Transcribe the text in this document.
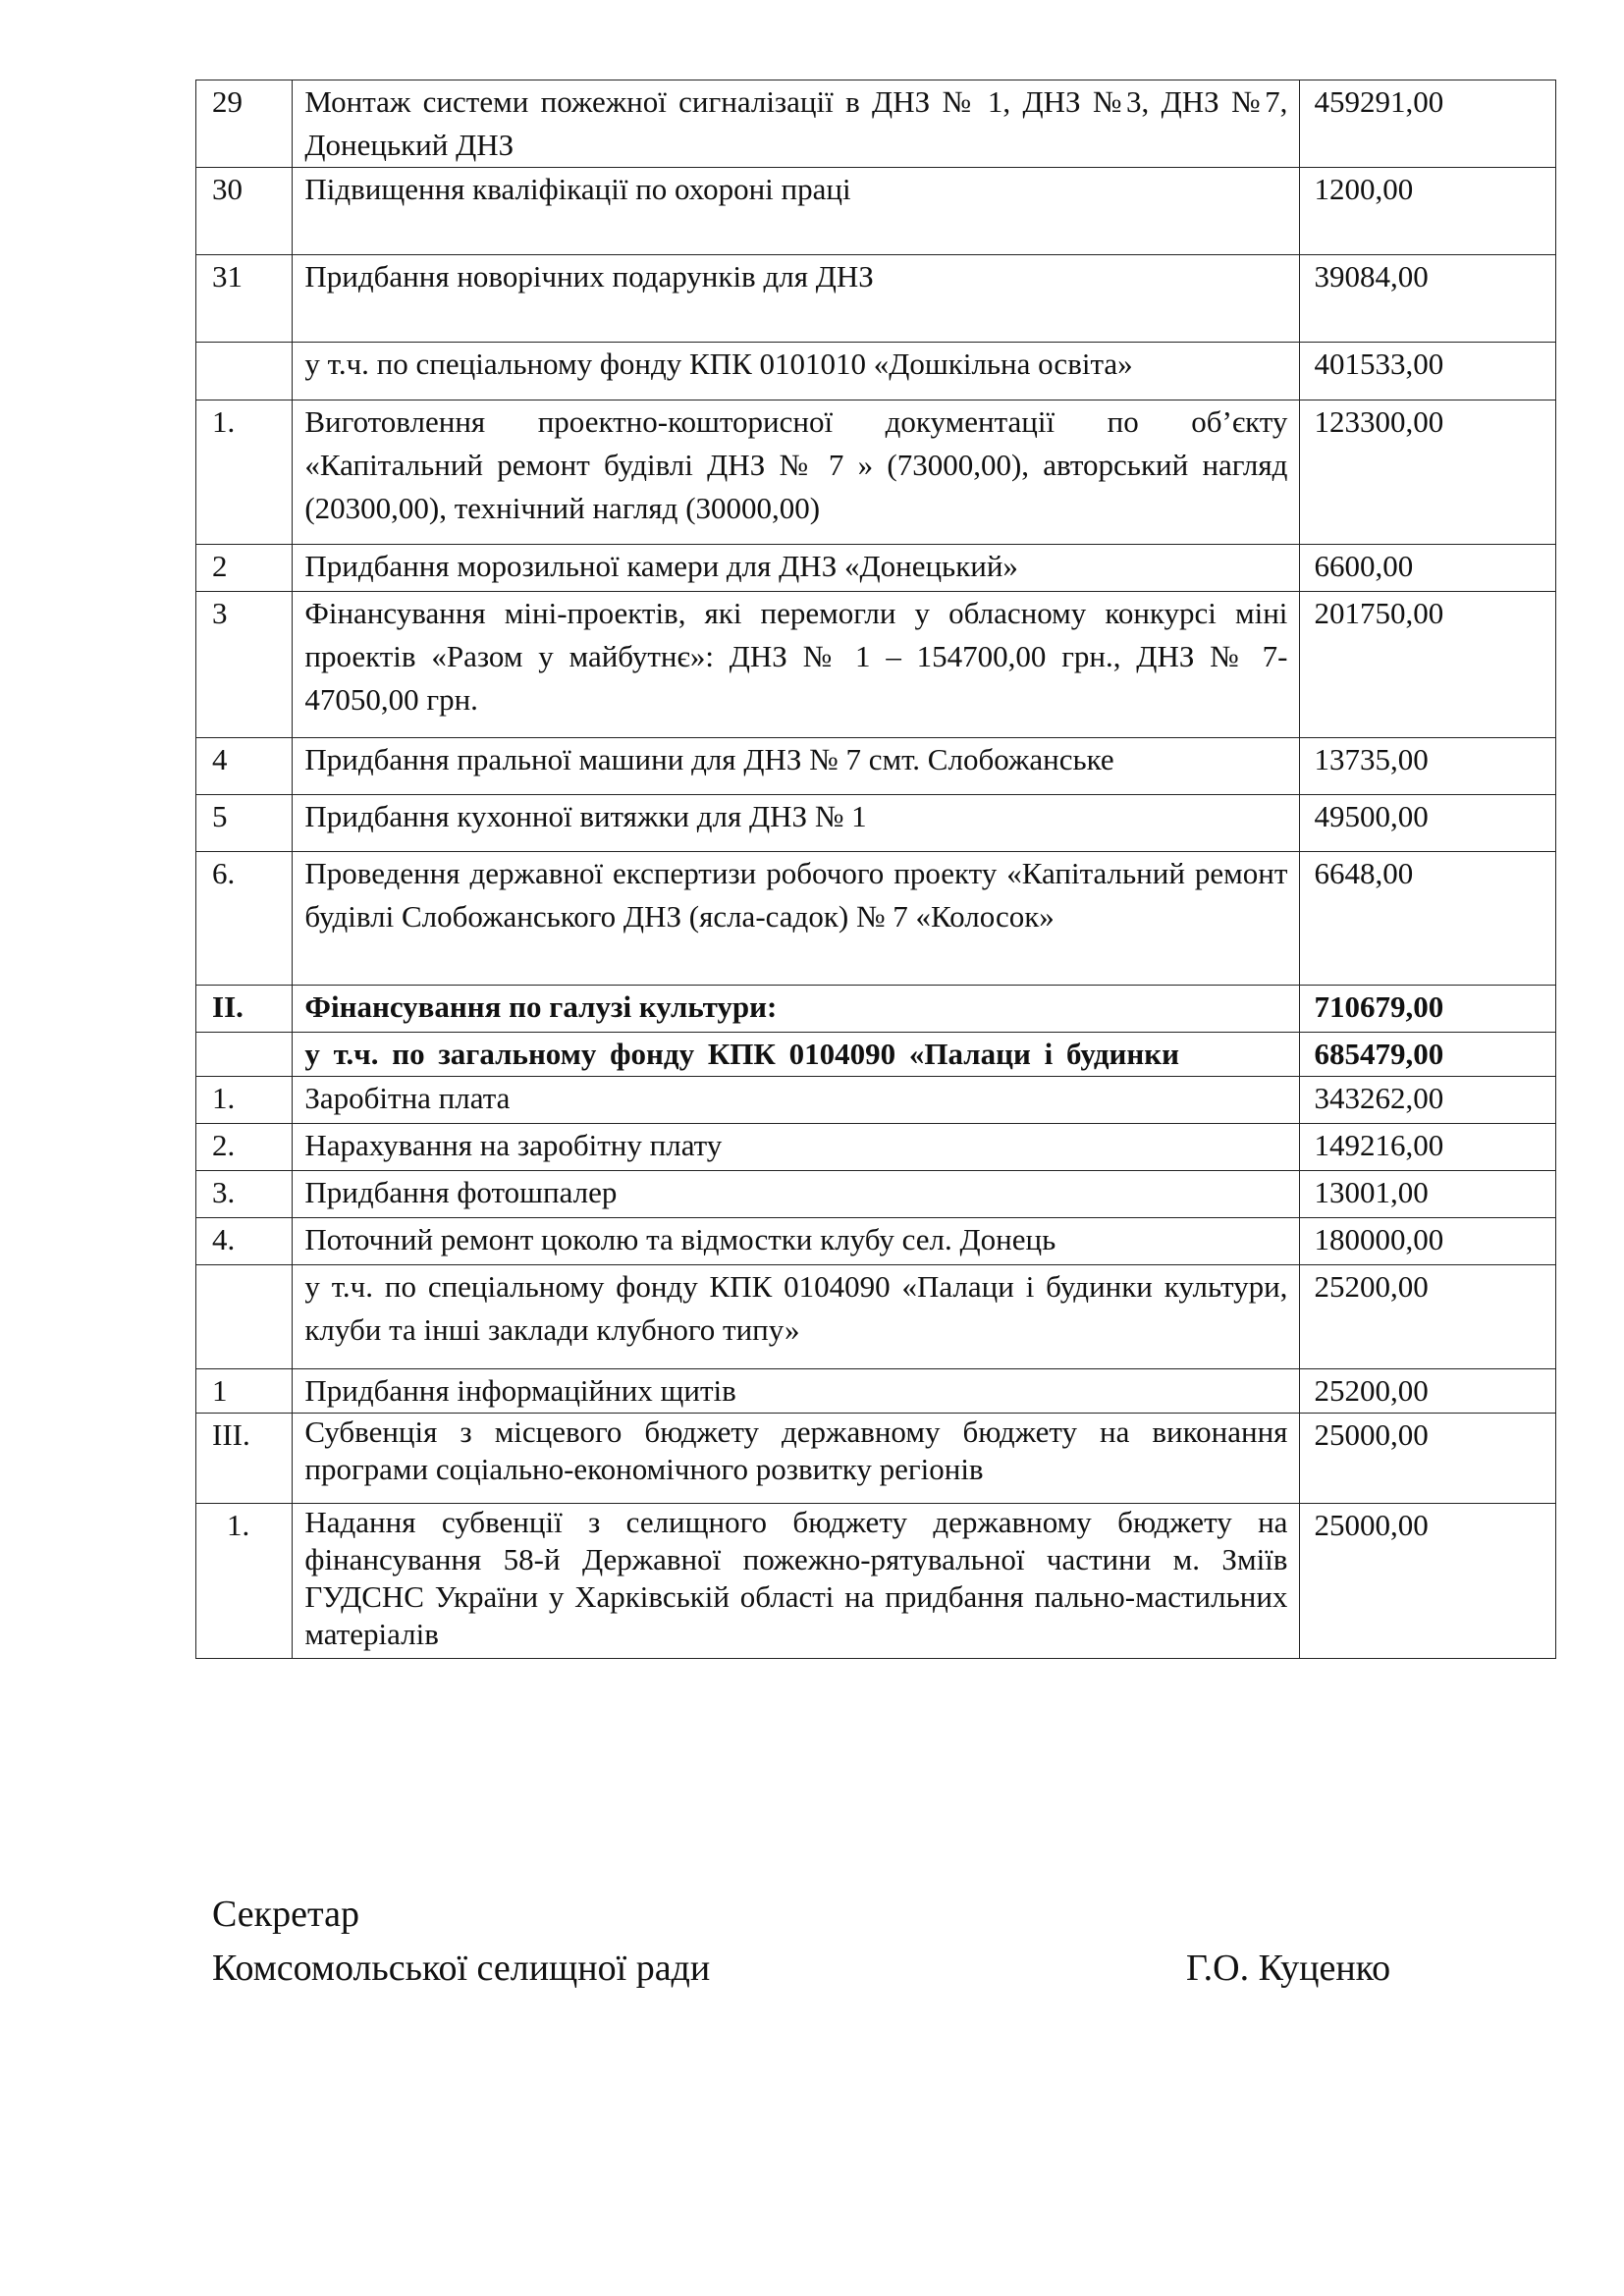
29	Монтаж системи пожежної сигналізації в ДНЗ № 1, ДНЗ №3, ДНЗ №7, Донецький ДНЗ	459291,00
30	Підвищення кваліфікації по охороні праці	1200,00
31	Придбання новорічних подарунків для ДНЗ	39084,00
	у т.ч. по спеціальному фонду КПК 0101010 «Дошкільна освіта»	401533,00
1.	Виготовлення проектно-кошторисної документації по об’єкту «Капітальний ремонт будівлі ДНЗ № 7 » (73000,00), авторський нагляд (20300,00), технічний нагляд (30000,00)	123300,00
2	Придбання морозильної камери для ДНЗ «Донецький»	6600,00
3	Фінансування міні-проектів, які перемогли у обласному конкурсі міні проектів «Разом у майбутнє»: ДНЗ № 1 – 154700,00 грн., ДНЗ № 7- 47050,00 грн.	201750,00
4	Придбання пральної машини для ДНЗ № 7 смт. Слобожанське	13735,00
5	Придбання кухонної витяжки для ДНЗ № 1	49500,00
6.	Проведення державної експертизи робочого проекту «Капітальний ремонт будівлі Слобожанського ДНЗ (ясла-садок) № 7 «Колосок»	6648,00
II.	Фінансування по галузі культури:	710679,00
	у т.ч. по загальному фонду КПК 0104090 «Палаци і будинки	685479,00
1.	Заробітна плата	343262,00
2.	Нарахування на заробітну плату	149216,00
3.	Придбання фотошпалер	13001,00
4.	Поточний ремонт цоколю та відмостки клубу сел. Донець	180000,00
	у т.ч. по спеціальному фонду КПК 0104090 «Палаци і будинки культури, клуби та інші заклади клубного типу»	25200,00
1	Придбання інформаційних щитів	25200,00
III.	Субвенція з місцевого бюджету державному бюджету на виконання програми соціально-економічного розвитку регіонів	25000,00
1.	Надання субвенції з селищного бюджету державному бюджету на фінансування 58-й Державної пожежно-рятувальної частини м. Зміїв ГУДСНС України у Харківській області на придбання пально-мастильних матеріалів	25000,00
Секретар
Комсомольської селищної ради	Г.О. Куценко
